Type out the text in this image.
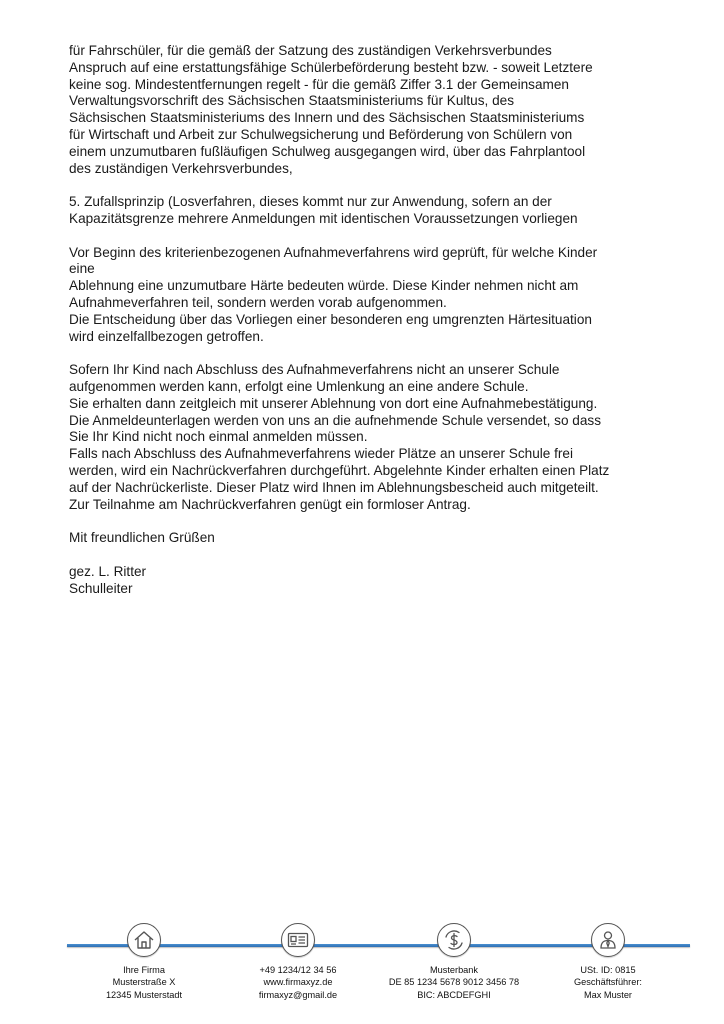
für Fahrschüler, für die gemäß der Satzung des zuständigen Verkehrsverbundes

Anspruch auf eine erstattungsfähige Schülerbeförderung besteht bzw. - soweit Letztere

keine sog. Mindestentfernungen regelt - für die gemäß Ziffer 3.1 der Gemeinsamen

Verwaltungsvorschrift des Sächsischen Staatsministeriums für Kultus, des

Sächsischen Staatsministeriums des Innern und des Sächsischen Staatsministeriums

für Wirtschaft und Arbeit zur Schulwegsicherung und Beförderung von Schülern von

einem unzumutbaren fußläufigen Schulweg ausgegangen wird, über das Fahrplantool

des zuständigen Verkehrsverbundes,

5. Zufallsprinzip (Losverfahren, dieses kommt nur zur Anwendung, sofern an der

Kapazitätsgrenze mehrere Anmeldungen mit identischen Voraussetzungen vorliegen

Vor Beginn des kriterienbezogenen Aufnahmeverfahrens wird geprüft, für welche Kinder

eine

Ablehnung eine unzumutbare Härte bedeuten würde. Diese Kinder nehmen nicht am

Aufnahmeverfahren teil, sondern werden vorab aufgenommen.

Die Entscheidung über das Vorliegen einer besonderen eng umgrenzten Härtesituation

wird einzelfallbezogen getroffen.

Sofern Ihr Kind nach Abschluss des Aufnahmeverfahrens nicht an unserer Schule

aufgenommen werden kann, erfolgt eine Umlenkung an eine andere Schule.

Sie erhalten dann zeitgleich mit unserer Ablehnung von dort eine Aufnahmebestätigung.

Die Anmeldeunterlagen werden von uns an die aufnehmende Schule versendet, so dass

Sie Ihr Kind nicht noch einmal anmelden müssen.

Falls nach Abschluss des Aufnahmeverfahrens wieder Plätze an unserer Schule frei

werden, wird ein Nachrückverfahren durchgeführt. Abgelehnte Kinder erhalten einen Platz

auf der Nachrückerliste. Dieser Platz wird Ihnen im Ablehnungsbescheid auch mitgeteilt.

Zur Teilnahme am Nachrückverfahren genügt ein formloser Antrag.

Mit freundlichen Grüßen

gez. L. Ritter

Schulleiter

Ihre Firma
Musterstraße X
12345 Musterstadt
+49 1234/12 34 56
www.firmaxyz.de
firmaxyz@gmail.de
Musterbank
DE 85 1234 5678 9012 3456 78
BIC: ABCDEFGHI
USt. ID: 0815
Geschäftsführer:
Max Muster
